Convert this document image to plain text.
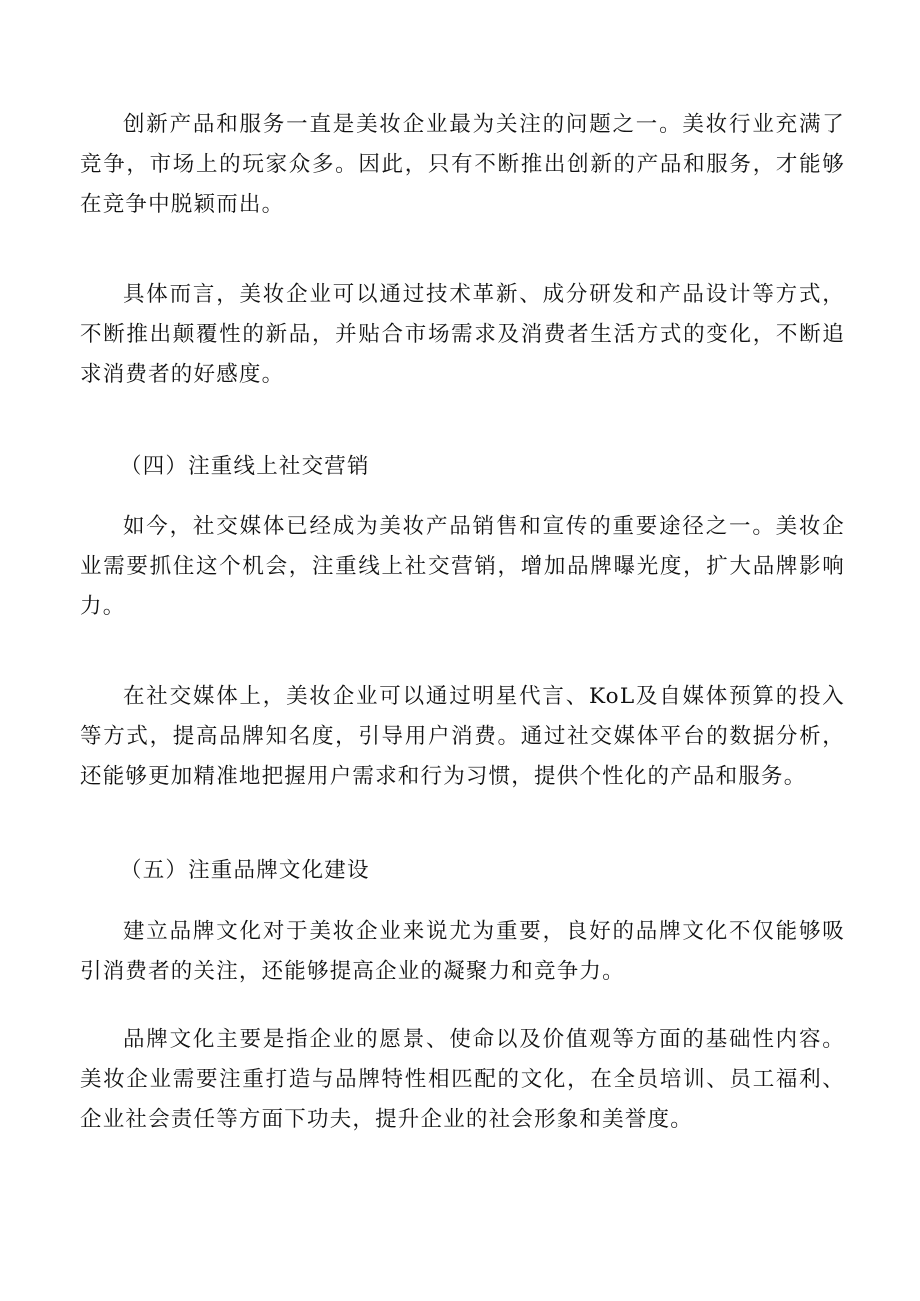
创新产品和服务一直是美妆企业最为关注的问题之一。美妆行业充满了竞争，市场上的玩家众多。因此，只有不断推出创新的产品和服务，才能够在竞争中脱颖而出。

具体而言，美妆企业可以通过技术革新、成分研发和产品设计等方式，不断推出颠覆性的新品，并贴合市场需求及消费者生活方式的变化，不断追求消费者的好感度。

（四）注重线上社交营销

如今，社交媒体已经成为美妆产品销售和宣传的重要途径之一。美妆企业需要抓住这个机会，注重线上社交营销，增加品牌曝光度，扩大品牌影响力。

在社交媒体上，美妆企业可以通过明星代言、KoL及自媒体预算的投入等方式，提高品牌知名度，引导用户消费。通过社交媒体平台的数据分析，还能够更加精准地把握用户需求和行为习惯，提供个性化的产品和服务。

（五）注重品牌文化建设

建立品牌文化对于美妆企业来说尤为重要，良好的品牌文化不仅能够吸引消费者的关注，还能够提高企业的凝聚力和竞争力。

品牌文化主要是指企业的愿景、使命以及价值观等方面的基础性内容。美妆企业需要注重打造与品牌特性相匹配的文化，在全员培训、员工福利、企业社会责任等方面下功夫，提升企业的社会形象和美誉度。
